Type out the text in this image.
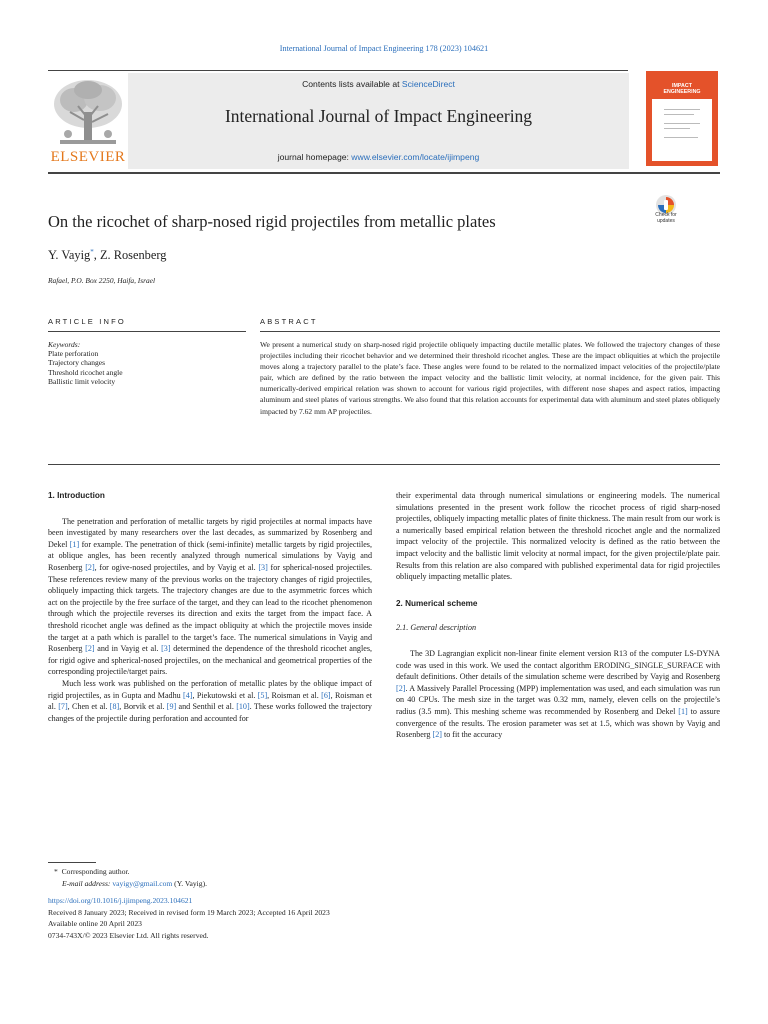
International Journal of Impact Engineering 178 (2023) 104621
ELSEVIER
Contents lists available at ScienceDirect
International Journal of Impact Engineering
journal homepage: www.elsevier.com/locate/ijimpeng
IMPACT
ENGINEERING
On the ricochet of sharp-nosed rigid projectiles from metallic plates	Check for
updates
Y. Vayig*, Z. Rosenberg
Rafael, P.O. Box 2250, Haifa, Israel
ARTICLE INFO	ABSTRACT
Keywords:
Plate perforation
Trajectory changes
Threshold ricochet angle
Ballistic limit velocity
We present a numerical study on sharp-nosed rigid projectile obliquely impacting ductile metallic plates. We followed the trajectory changes of these projectiles including their ricochet behavior and we determined their threshold ricochet angles. These are the impact obliquities at which the projectile moves along a trajectory parallel to the plate’s face. These angles were found to be related to the normalized impact velocities of the projectile/plate pair, which are defined by the ratio between the impact velocity and the ballistic limit velocity, at normal incidence, for the given pair. This numerically-derived empirical relation was shown to account for various rigid projectiles, with different nose shapes and aspect ratios, impacting aluminum and steel plates of various strengths. We also found that this relation accounts for experimental data with aluminum and steel plates obliquely impacted by 7.62 mm AP projectiles.
1. Introduction

The penetration and perforation of metallic targets by rigid projectiles at normal impacts have been investigated by many researchers over the last decades, as summarized by Rosenberg and Dekel [1] for example. The penetration of thick (semi-infinite) metallic targets by rigid projectiles, at oblique angles, has been recently analyzed through numerical simulations by Vayig and Rosenberg [2], for ogive-nosed projectiles, and by Vayig et al. [3] for spherical-nosed projectiles. These references review many of the previous works on the trajectory changes of rigid projectiles, obliquely impacting thick targets. The trajectory changes are due to the asymmetric forces which act on the projectile by the free surface of the target, and they can lead to the ricochet phenomenon through which the projectile reverses its direction and exits the target from the impact face. A threshold ricochet angle was defined as the impact obliquity at which the projectile moves inside the target at a path which is parallel to the target’s face. The numerical simulations in Vayig and Rosenberg [2] and in Vayig et al. [3] determined the dependence of the threshold ricochet angles, for rigid ogive and spherical-nosed projectiles, on the mechanical and geometrical properties of the corresponding projectile/target pairs.

Much less work was published on the perforation of metallic plates by the oblique impact of rigid projectiles, as in Gupta and Madhu [4], Piekutowski et al. [5], Roisman et al. [6], Roisman et al. [7], Chen et al. [8], Borvik et al. [9] and Senthil et al. [10]. These works followed the trajectory changes of the projectile during perforation and accounted for

their experimental data through numerical simulations or engineering models. The numerical simulations presented in the present work follow the ricochet process of rigid sharp-nosed projectiles, obliquely impacting metallic plates of finite thickness. The main result from our work is a numerically based empirical relation between the threshold ricochet angle and the normalized impact velocity of the projectile. This normalized velocity is defined as the ratio between the impact velocity and the ballistic limit velocity at normal impact, for the given projectile/plate pair. Results from this relation are also compared with published experimental data for rigid projectiles obliquely impacting metallic plates.

2. Numerical scheme
2.1. General description

The 3D Lagrangian explicit non-linear finite element version R13 of the computer LS-DYNA code was used in this work. We used the contact algorithm ERODING_SINGLE_SURFACE with default definitions. Other details of the simulation scheme were described by Vayig and Rosenberg [2]. A Massively Parallel Processing (MPP) implementation was used, and each simulation was run on 40 CPUs. The mesh size in the target was 0.32 mm, namely, eleven cells on the projectile’s radius (3.5 mm). This meshing scheme was recommended by Rosenberg and Dekel [1] to assure convergence of the results. The erosion parameter was set at 1.5, which was shown by Vayig and Rosenberg [2] to fit the accuracy

* Corresponding author.
E-mail address: vayigy@gmail.com (Y. Vayig).
https://doi.org/10.1016/j.ijimpeng.2023.104621
Received 8 January 2023; Received in revised form 19 March 2023; Accepted 16 April 2023
Available online 20 April 2023
0734-743X/© 2023 Elsevier Ltd. All rights reserved.
